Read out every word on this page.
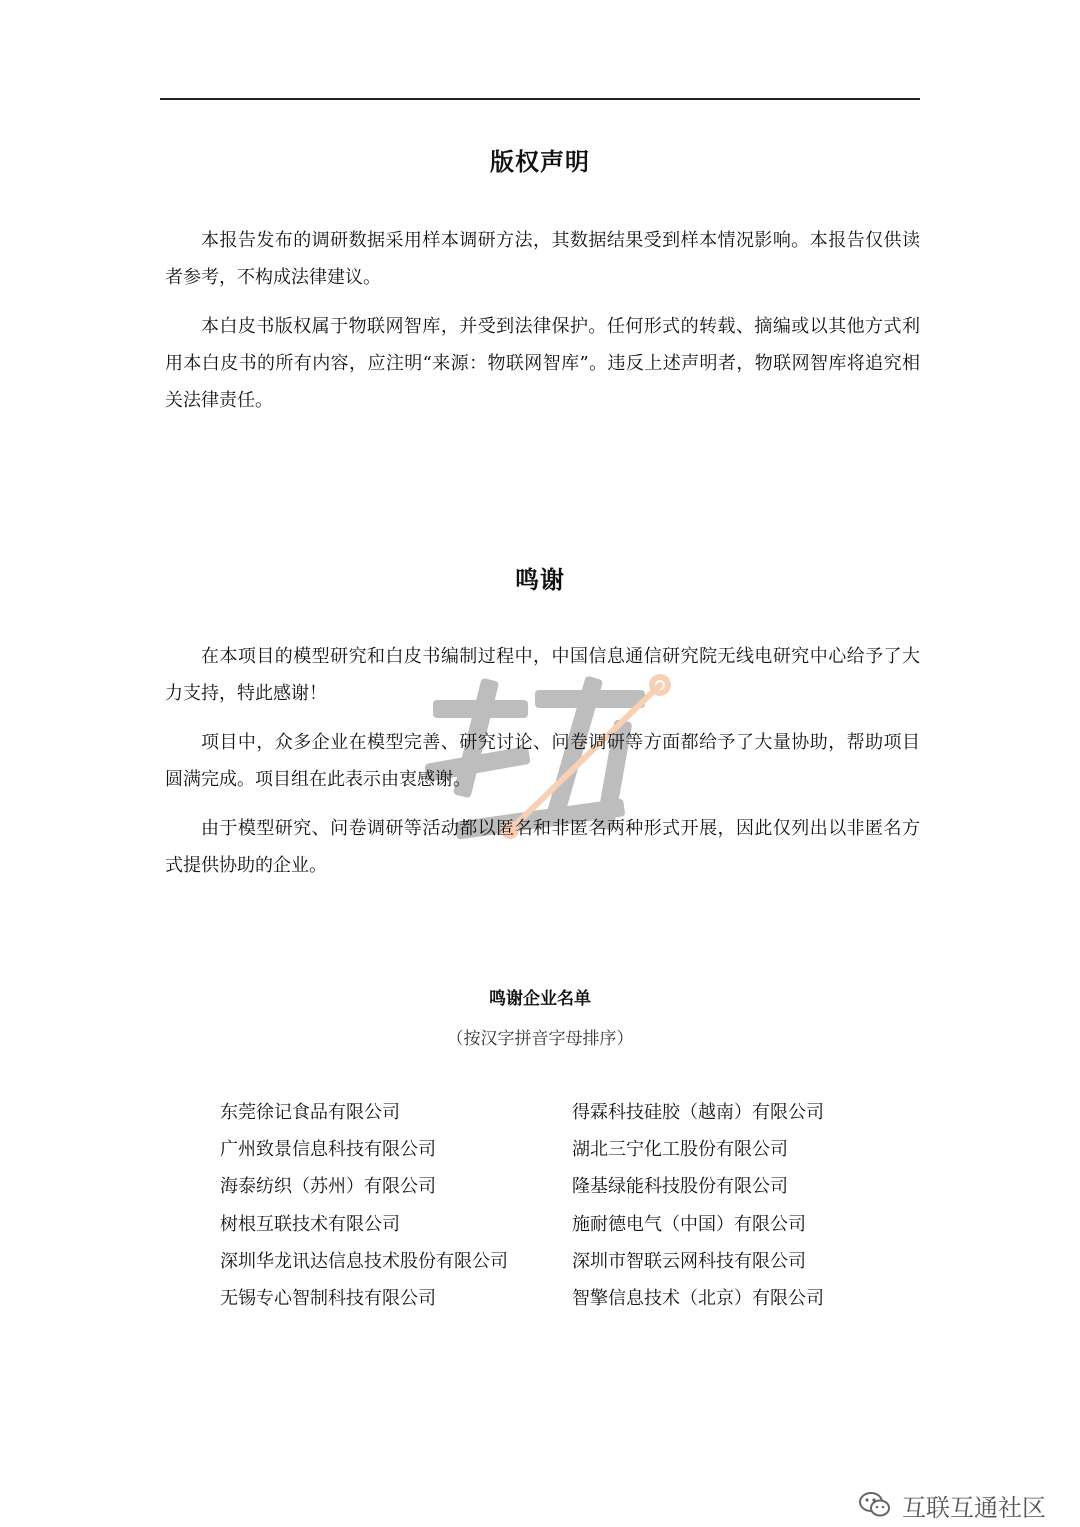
版权声明

本报告发布的调研数据采用样本调研方法，其数据结果受到样本情况影响。本报告仅供读者参考，不构成法律建议。

本白皮书版权属于物联网智库，并受到法律保护。任何形式的转载、摘编或以其他方式利用本白皮书的所有内容，应注明“来源：物联网智库”。违反上述声明者，物联网智库将追究相关法律责任。

鸣谢

在本项目的模型研究和白皮书编制过程中，中国信息通信研究院无线电研究中心给予了大力支持，特此感谢！

项目中，众多企业在模型完善、研究讨论、问卷调研等方面都给予了大量协助，帮助项目圆满完成。项目组在此表示由衷感谢。

由于模型研究、问卷调研等活动都以匿名和非匿名两种形式开展，因此仅列出以非匿名方式提供协助的企业。

鸣谢企业名单
（按汉字拼音字母排序）
东莞徐记食品有限公司
广州致景信息科技有限公司
海泰纺织（苏州）有限公司
树根互联技术有限公司
深圳华龙讯达信息技术股份有限公司
无锡专心智制科技有限公司
得霖科技硅胶（越南）有限公司
湖北三宁化工股份有限公司
隆基绿能科技股份有限公司
施耐德电气（中国）有限公司
深圳市智联云网科技有限公司
智擎信息技术（北京）有限公司
互联互通社区
